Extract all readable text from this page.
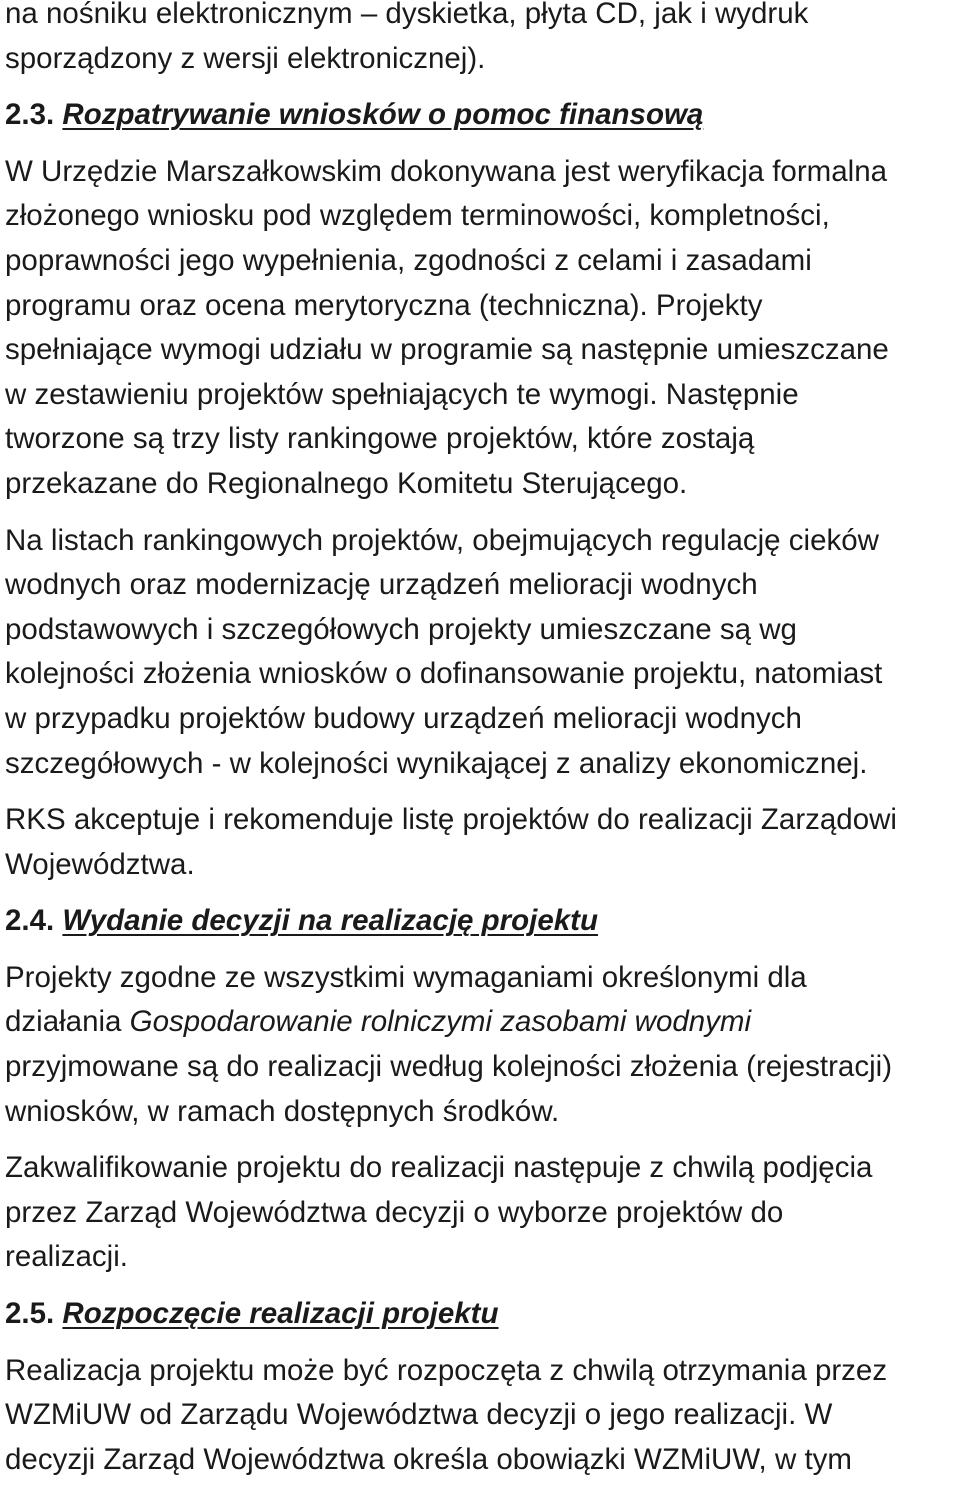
na nośniku elektronicznym – dyskietka, płyta CD, jak i wydruk
sporządzony z wersji elektronicznej).
2.3. Rozpatrywanie wniosków o pomoc finansową
W Urzędzie Marszałkowskim dokonywana jest weryfikacja formalna
złożonego wniosku pod względem terminowości, kompletności,
poprawności jego wypełnienia, zgodności z celami i zasadami
programu oraz ocena merytoryczna (techniczna). Projekty
spełniające wymogi udziału w programie są następnie umieszczane
w zestawieniu projektów spełniających te wymogi. Następnie
tworzone są trzy listy rankingowe projektów, które zostają
przekazane do Regionalnego Komitetu Sterującego.
Na listach rankingowych projektów, obejmujących regulację cieków
wodnych oraz modernizację urządzeń melioracji wodnych
podstawowych i szczegółowych projekty umieszczane są wg
kolejności złożenia wniosków o dofinansowanie projektu, natomiast
w przypadku projektów budowy urządzeń melioracji wodnych
szczegółowych - w kolejności wynikającej z analizy ekonomicznej.
RKS akceptuje i rekomenduje listę projektów do realizacji Zarządowi
Województwa.
2.4. Wydanie decyzji na realizację projektu
Projekty zgodne ze wszystkimi wymaganiami określonymi dla
działania Gospodarowanie rolniczymi zasobami wodnymi
przyjmowane są do realizacji według kolejności złożenia (rejestracji)
wniosków, w ramach dostępnych środków.
Zakwalifikowanie projektu do realizacji następuje z chwilą podjęcia
przez Zarząd Województwa decyzji o wyborze projektów do
realizacji.
2.5. Rozpoczęcie realizacji projektu
Realizacja projektu może być rozpoczęta z chwilą otrzymania przez
WZMiUW od Zarządu Województwa decyzji o jego realizacji. W
decyzji Zarząd Województwa określa obowiązki WZMiUW, w tym
